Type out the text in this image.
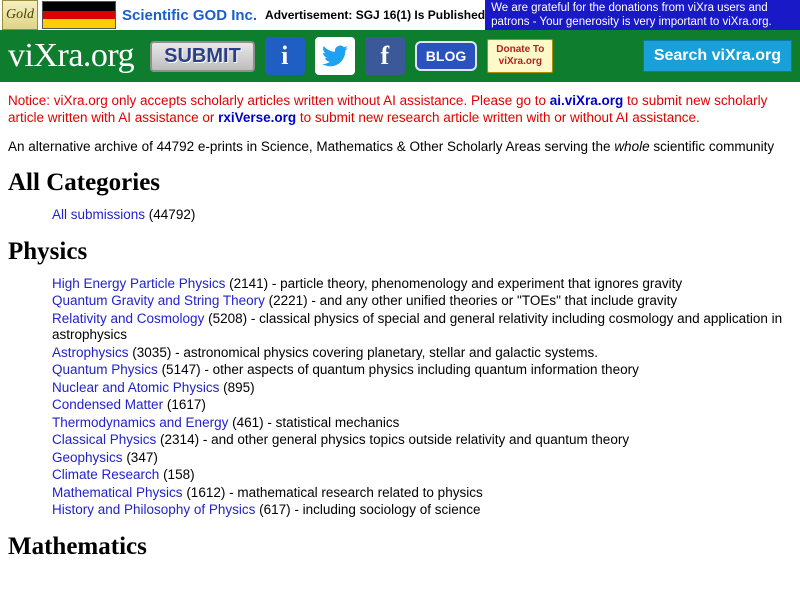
Gold	Scientific GOD Inc. Advertisement: SGJ 16(1) Is Published We are grateful for the donations from viXra users and patrons - Your generosity is very important to viXra.org.
viXra.org	SUBMIT	i	f	BLOG	Donate To
viXra.org	Search viXra.org

Notice: viXra.org only accepts scholarly articles written without AI assistance. Please go to ai.viXra.org to submit new scholarly article written with AI assistance or rxiVerse.org to submit new research article written with or without AI assistance.

An alternative archive of 44792 e-prints in Science, Mathematics & Other Scholarly Areas serving the whole scientific community

All Categories
All submissions (44792)
Physics
High Energy Particle Physics (2141) - particle theory, phenomenology and experiment that ignores gravity
Quantum Gravity and String Theory (2221) - and any other unified theories or "TOEs" that include gravity
Relativity and Cosmology (5208) - classical physics of special and general relativity including cosmology and application in astrophysics
Astrophysics (3035) - astronomical physics covering planetary, stellar and galactic systems.
Quantum Physics (5147) - other aspects of quantum physics including quantum information theory
Nuclear and Atomic Physics (895)
Condensed Matter (1617)
Thermodynamics and Energy (461) - statistical mechanics
Classical Physics (2314) - and other general physics topics outside relativity and quantum theory
Geophysics (347)
Climate Research (158)
Mathematical Physics (1612) - mathematical research related to physics
History and Philosophy of Physics (617) - including sociology of science
Mathematics
